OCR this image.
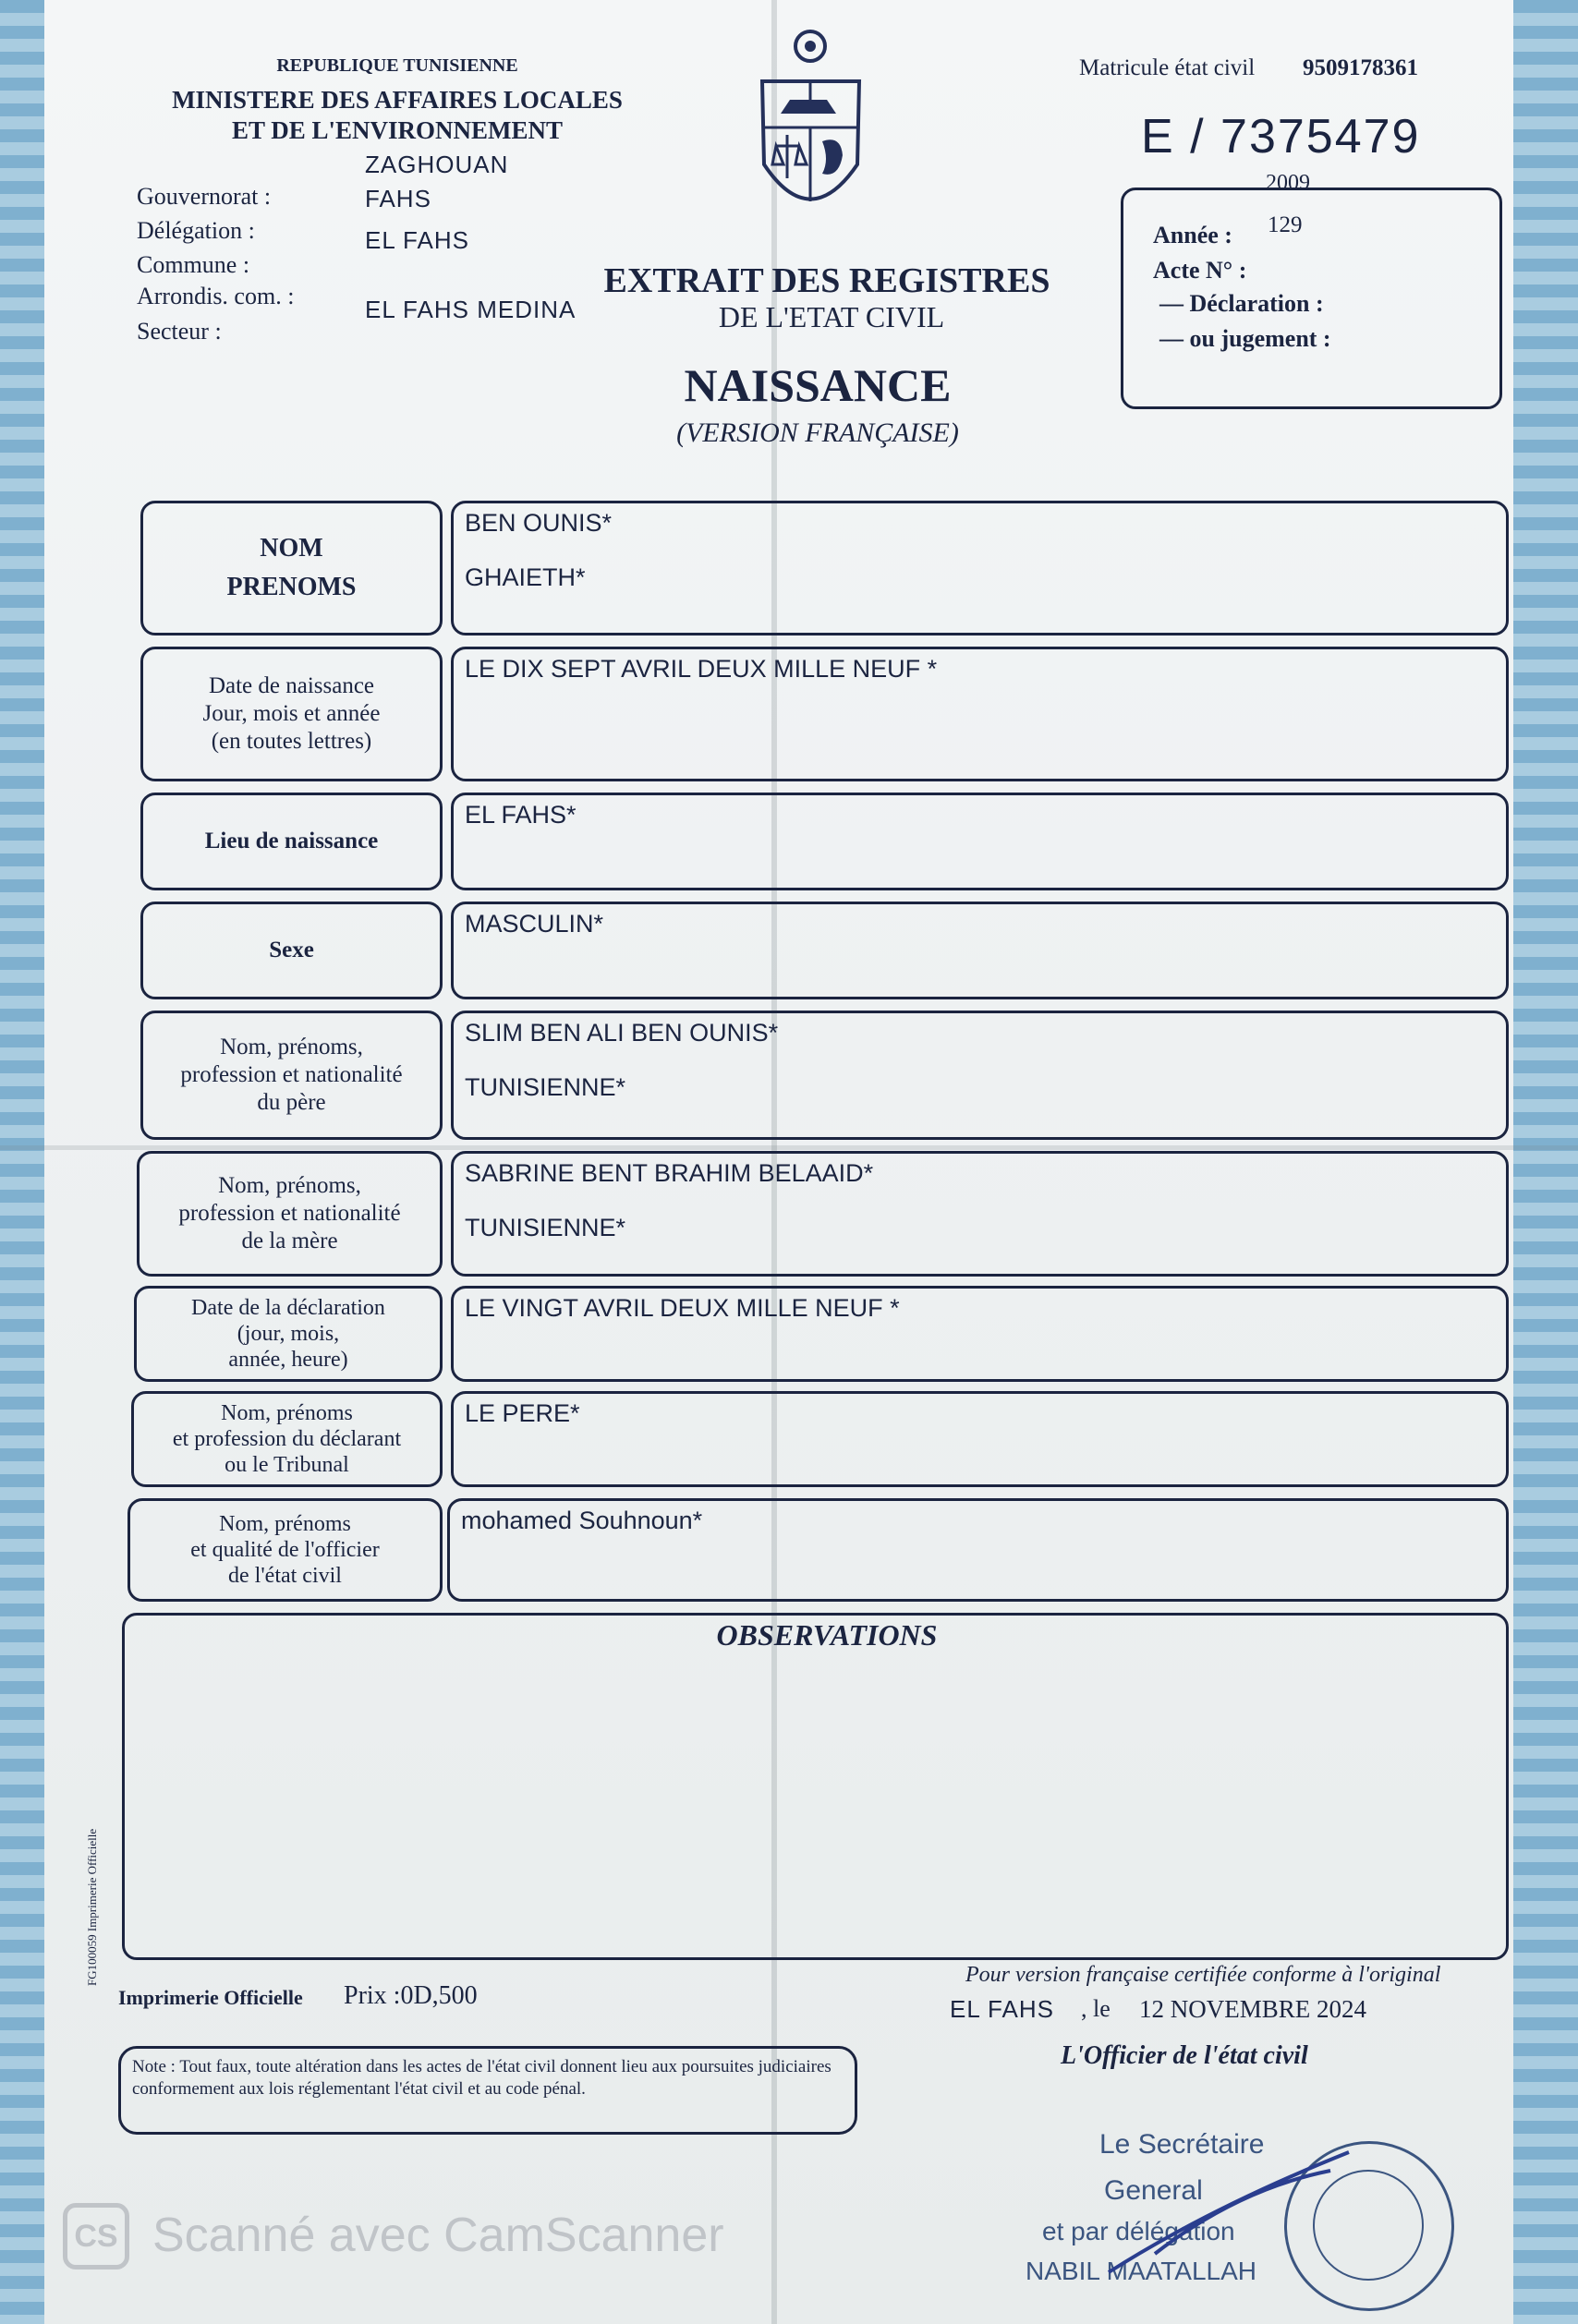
REPUBLIQUE TUNISIENNE
MINISTERE DES AFFAIRES LOCALES
ET DE L'ENVIRONNEMENT
Gouvernorat :
ZAGHOUAN
Délégation :
FAHS
Commune :
EL FAHS
Arrondis. com. :	EL FAHS MEDINA
Secteur :
Matricule état civil 9509178361
E / 7375479
2009
Année : 129
Acte N° :
— Déclaration :
— ou jugement :
EXTRAIT DES REGISTRES
DE L'ETAT CIVIL
NAISSANCE
(VERSION FRANÇAISE)
NOM
PRENOMS
BEN OUNIS*
GHAIETH*
Date de naissance
Jour, mois et année
(en toutes lettres)
LE DIX SEPT AVRIL DEUX MILLE NEUF *
Lieu de naissance
EL FAHS*
Sexe
MASCULIN*
Nom, prénoms,
profession et nationalité
du père
SLIM BEN ALI BEN OUNIS*
TUNISIENNE*
Nom, prénoms,
profession et nationalité
de la mère
SABRINE BENT BRAHIM BELAAID*
TUNISIENNE*
Date de la déclaration
(jour, mois,
année, heure)
LE VINGT AVRIL DEUX MILLE NEUF *
Nom, prénoms
et profession du déclarant
ou le Tribunal
LE PERE*
Nom, prénoms
et qualité de l'officier
de l'état civil
mohamed Souhnoun*
OBSERVATIONS
FG100059 Imprimerie Officielle
Imprimerie Officielle Prix :0D,500
Pour version française certifiée conforme à l'original
EL FAHS , le 12 NOVEMBRE 2024
L'Officier de l'état civil
Note : Tout faux, toute altération dans les actes de l'état civil donnent lieu aux poursuites judiciaires conformement aux lois réglementant l'état civil et au code pénal.
Le Secrétaire
General
et par délégation
NABIL MAATALLAH
CS Scanné avec CamScanner
